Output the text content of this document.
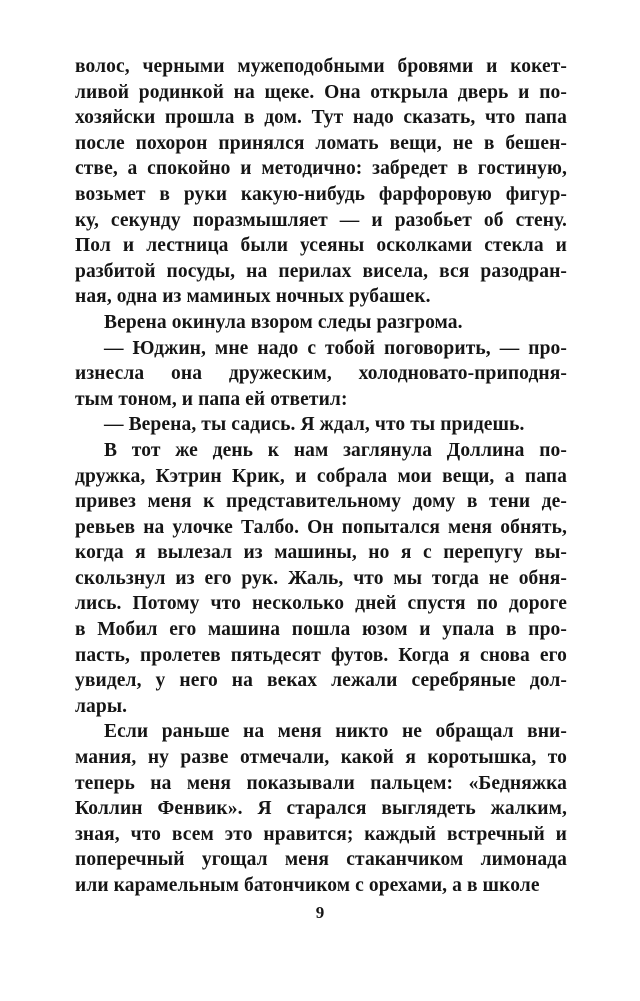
волос, черными мужеподобными бровями и кокет-
ливой родинкой на щеке. Она открыла дверь и по-
хозяйски прошла в дом. Тут надо сказать, что папа
после похорон принялся ломать вещи, не в бешен-
стве, а спокойно и методично: забредет в гостиную,
возьмет в руки какую-нибудь фарфоровую фигур-
ку, секунду поразмышляет — и разобьет об стену.
Пол и лестница были усеяны осколками стекла и
разбитой посуды, на перилах висела, вся разодран-
ная, одна из маминых ночных рубашек.
Верена окинула взором следы разгрома.
— Юджин, мне надо с тобой поговорить, — про-
изнесла она дружеским, холодновато-приподня-
тым тоном, и папа ей ответил:
— Верена, ты садись. Я ждал, что ты придешь.
В тот же день к нам заглянула Доллина по-
дружка, Кэтрин Крик, и собрала мои вещи, а папа
привез меня к представительному дому в тени де-
ревьев на улочке Талбо. Он попытался меня обнять,
когда я вылезал из машины, но я с перепугу вы-
скользнул из его рук. Жаль, что мы тогда не обня-
лись. Потому что несколько дней спустя по дороге
в Мобил его машина пошла юзом и упала в про-
пасть, пролетев пятьдесят футов. Когда я снова его
увидел, у него на веках лежали серебряные дол-
лары.
Если раньше на меня никто не обращал вни-
мания, ну разве отмечали, какой я коротышка, то
теперь на меня показывали пальцем: «Бедняжка
Коллин Фенвик». Я старался выглядеть жалким,
зная, что всем это нравится; каждый встречный и
поперечный угощал меня стаканчиком лимонада
или карамельным батончиком с орехами, а в школе
9
